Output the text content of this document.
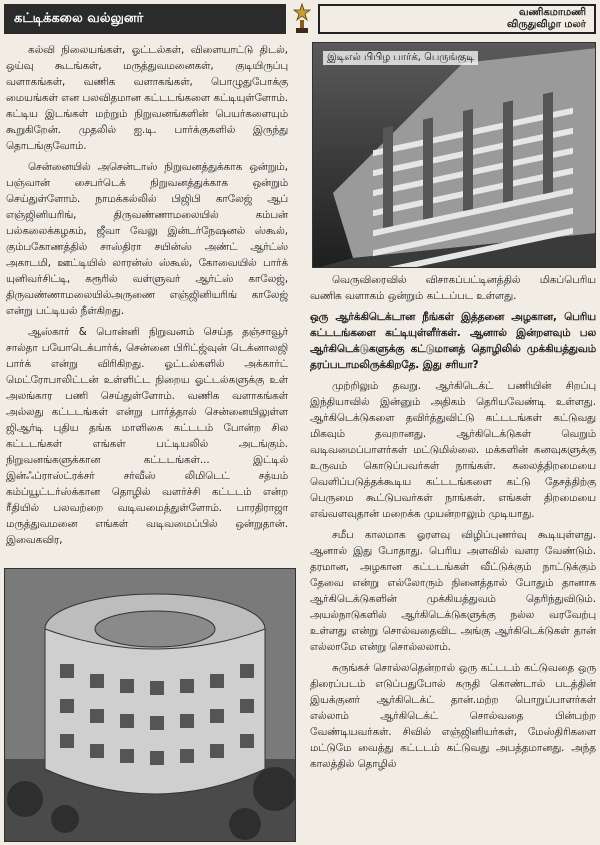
கட்டிக்கலை வல்லுனர்	வணிகமாமணி
விருதுவிழா மலர்

கல்வி நிலையங்கள், ஓட்டல்கள், விளையாட்டு திடல், ஒய்வு கூடங்கள், மருத்துவமனைகள், குடியிருப்பு வளாகங்கள், வணிக வளாகங்கள், பொழுதுபோக்கு மையங்கள் என பலவிதமான கட்டடங்களை கட்டியுள்ளோம். கட்டிய இடங்கள் மற்றும் நிறுவனங்களின் பெயர்களையும் கூறுகிறேன். முதலில் ஐ.டி. பார்க்குகளில் இருந்து தொடங்குவோம்.

சென்னையில் அசென்டாஸ் நிறுவனத்துக்காக ஒன்றும், பஞ்வான் சைபர்டெக் நிறுவனத்துக்காக ஒன்றும் செய்துள்ளோம். நாமக்கல்லில் பிஜிபி காலேஜ் ஆப் எஞ்ஜினியரிங், திருவண்ணாமலையில் கம்பன் பல்கலைக்கழகம், ஜீவா வேலு இன்டர்நேஷனல் ஸ்கூல், கும்பகோணத்தில் சாஸ்திரா சயின்ஸ் அண்ட் ஆர்ட்ஸ் அகாடமி, ஊட்டியில் லாரன்ஸ் ஸ்கூல், கோவையில் பார்க் யுனிவர்சிட்டி, கரூரில் வள்ளுவர் ஆர்ட்ஸ் காலேஜ், திருவண்ணாமலையில்அருணை எஞ்ஜினியரிங் காலேஜ் என்று பட்டியல் நீள்கிறது.

ஆஸ்கார் & பொன்னி நிறுவனம் செய்த தஞ்சாவூர் சால்தா பயோடெக்பார்க், சென்னை பிரிட்ஜ்வுன் டெக்னாலஜி பார்க் என்று விரிகிறது. ஓட்டல்களில் அக்கார்ட் மெட்ரோபாலிட்டன் உள்ளிட்ட நிறைய ஓட்டல்களுக்கு உள் அலங்கார பணி செய்துள்ளோம். வணிக வளாகங்கள் அல்லது கட்டடங்கள் என்று பார்த்தால் சென்னையிலுள்ள ஜிஆர்டி புதிய தங்க மாளிகை கட்டடம் போன்ற சில கட்டடங்கள் எங்கள் பட்டியலில் அடங்கும். நிறுவனங்களுக்கான கட்டடங்கள்... இட்டில் இன்ஃப்ராஸ்ட்ரக்சர் சர்வீஸ் லிமிடெட் சத்யம் கம்ப்யூட்டர்ஸ்க்கான தொழில் வளர்ச்சி கட்டடம் என்ற ரீதியில் பலவற்றை வடிவமைத்துள்ளோம். பாரதிராஜா மருத்துவமனை எங்கள் வடிவமைப்பில் ஒன்றுதான். இவைகவிர,

இடிஎல் பிபிழ பார்க், பெருங்குடி

வெருவிரைவில் விசாகப்பட்டினத்தில் மிகப்பெரிய வணிக வளாகம் ஒன்றும் கட்டப்பட உள்ளது.

ஒரு ஆர்க்கிடெக்டான நீங்கள் இத்தனை அழகான, பெரிய கட்டடங்களை கட்டியுள்ளீர்கள். ஆனால் இன்றளவும் பல ஆர்கிடெக்டுகளுக்கு கட்டுமானத் தொழிலில் முக்கியத்துவம் தரப்படாமலிருக்கிறதே. இது சரியா?

முற்றிலும் தவறு. ஆர்கிடெக்ட் பணியின் சிறப்பு இந்தியாவில் இன்னும் அதிகம் தெரியவேண்டி உள்ளது. ஆர்கிடெக்டுகளை தவிர்த்துவிட்டு கட்டடங்கள் கட்டுவது மிகவும் தவறானது. ஆர்கிடெக்டுகள் வெறும் வடிவமைப்பாளர்கள் மட்டுமில்லை. மக்களின் கனவுகளுக்கு உருவம் கொடுப்பவர்கள் நாங்கள். கலைத்திறமையை வெளிப்படுத்தக்கூடிய கட்டடங்களை கட்டு தேசத்திற்கு பெருமை கூட்டுபவர்கள் நாங்கள். எங்கள் திறமையை எவ்வளவுதான் மறைக்க முயன்றாலும் முடியாது.

சமீப காலமாக ஓரளவு விழிப்புணர்வு கூடியுள்ளது. ஆனால் இது போதாது. பெரிய அளவில் வளர வேண்டும். தரமான, அழகான கட்டடங்கள் வீட்டுக்கும் நாட்டுக்கும் தேவை என்று எல்லோரும் நினைத்தால் போதும் தானாக ஆர்கிடெக்டுகளின் முக்கியத்துவம் தெரிந்துவிடும். அயல்நாடுகளில் ஆர்கிடெக்டுகளுக்கு நல்ல வரவேற்பு உள்ளது என்று சொல்வதைவிட அங்கு ஆர்கிடெக்டுகள் தான் எல்லாமே என்று சொல்லலாம்.

சுருங்கச் சொல்லதென்றால் ஒரு கட்டடம் கட்டுவதை ஒரு திரைப்படம் எடுப்பதுபோல் கருதி கொண்டால் படத்தின் இயக்குனர் ஆர்கிடெக்ட் தான்.மற்ற பொறுப்பாளர்கள் எல்லாம் ஆர்கிடெக்ட் சொல்வதை பின்பற்ற வேண்டியவர்கள். சிவில் எஞ்ஜினியர்கள், மேஸ்திரிகளை மட்டுமே வைத்து கட்டடம் கட்டுவது அபத்தமானது. அந்த காலத்தில் தொழில்
